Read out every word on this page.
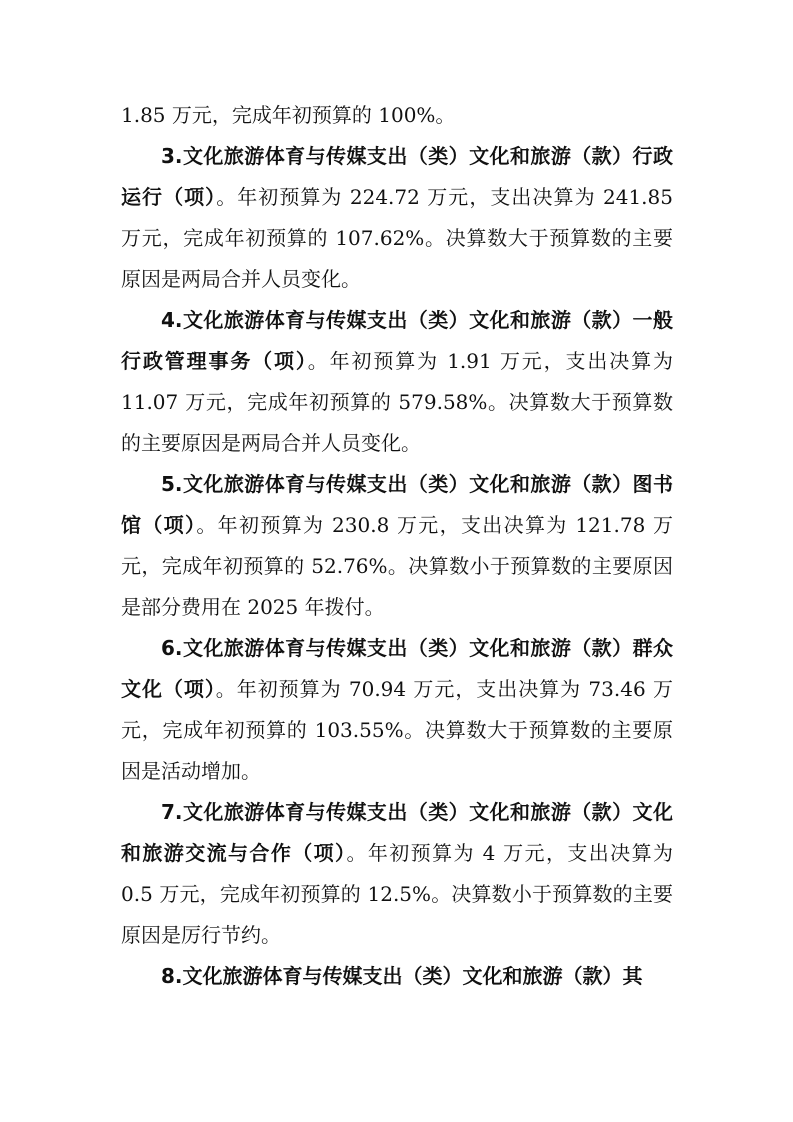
1.85 万元，完成年初预算的 100%。

3.文化旅游体育与传媒支出（类）文化和旅游（款）行政运行（项）。年初预算为 224.72 万元，支出决算为 241.85 万元，完成年初预算的 107.62%。决算数大于预算数的主要原因是两局合并人员变化。

4.文化旅游体育与传媒支出（类）文化和旅游（款）一般行政管理事务（项）。年初预算为 1.91 万元，支出决算为 11.07 万元，完成年初预算的 579.58%。决算数大于预算数的主要原因是两局合并人员变化。

5.文化旅游体育与传媒支出（类）文化和旅游（款）图书馆（项）。年初预算为 230.8 万元，支出决算为 121.78 万元，完成年初预算的 52.76%。决算数小于预算数的主要原因是部分费用在 2025 年拨付。

6.文化旅游体育与传媒支出（类）文化和旅游（款）群众文化（项）。年初预算为 70.94 万元，支出决算为 73.46 万元，完成年初预算的 103.55%。决算数大于预算数的主要原因是活动增加。

7.文化旅游体育与传媒支出（类）文化和旅游（款）文化和旅游交流与合作（项）。年初预算为 4 万元，支出决算为 0.5 万元，完成年初预算的 12.5%。决算数小于预算数的主要原因是厉行节约。

8.文化旅游体育与传媒支出（类）文化和旅游（款）其
